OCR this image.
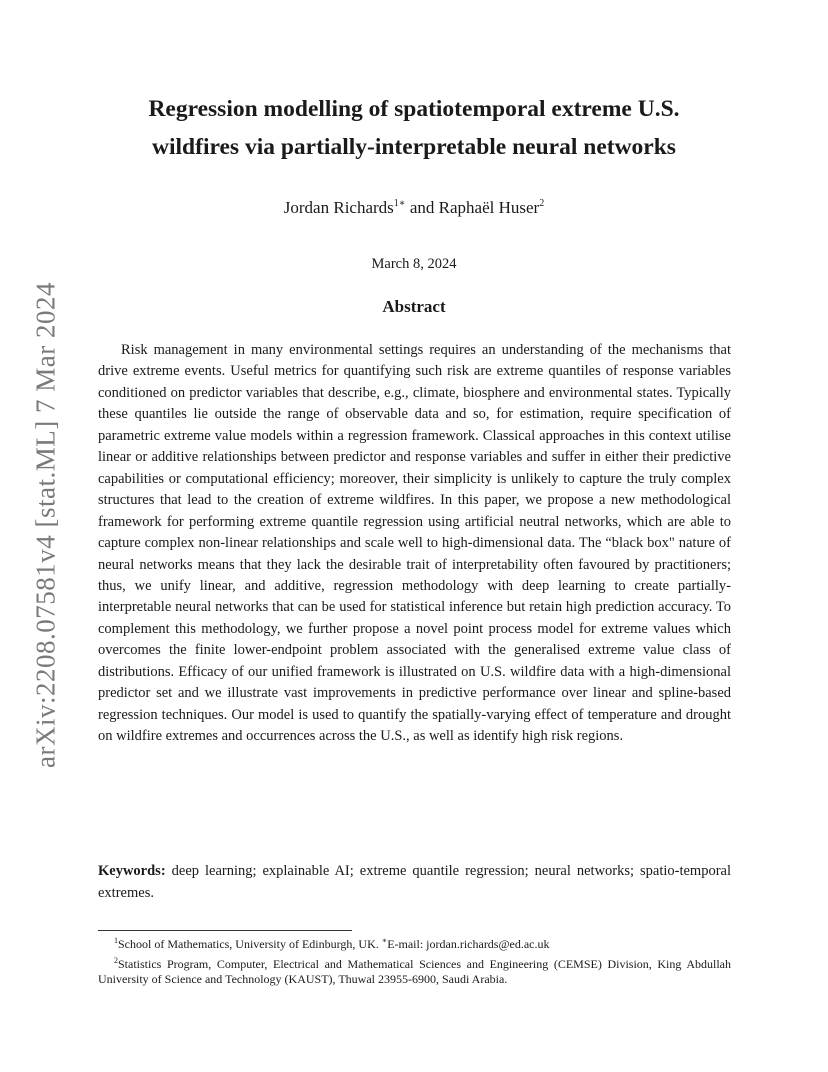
arXiv:2208.07581v4 [stat.ML] 7 Mar 2024
Regression modelling of spatiotemporal extreme U.S.
wildfires via partially-interpretable neural networks
Jordan Richards$^{1∗}$ and Raphaël Huser$^2$
March 8, 2024
Abstract
Risk management in many environmental settings requires an understanding of the mechanisms that drive extreme events. Useful metrics for quantifying such risk are extreme quantiles of response variables conditioned on predictor variables that describe, e.g., climate, biosphere and environmental states. Typically these quantiles lie outside the range of observable data and so, for estimation, require specification of parametric extreme value models within a regression framework. Classical approaches in this context utilise linear or additive relationships between predictor and response variables and suffer in either their predictive capabilities or computational efficiency; moreover, their simplicity is unlikely to capture the truly complex structures that lead to the creation of extreme wildfires. In this paper, we propose a new methodological framework for performing extreme quantile regression using artificial neutral networks, which are able to capture complex non-linear relationships and scale well to high-dimensional data. The “black box" nature of neural networks means that they lack the desirable trait of interpretability often favoured by practitioners; thus, we unify linear, and additive, regression methodology with deep learning to create partially-interpretable neural networks that can be used for statistical inference but retain high prediction accuracy. To complement this methodology, we further propose a novel point process model for extreme values which overcomes the finite lower-endpoint problem associated with the generalised extreme value class of distributions. Efficacy of our unified framework is illustrated on U.S. wildfire data with a high-dimensional predictor set and we illustrate vast improvements in predictive performance over linear and spline-based regression techniques. Our model is used to quantify the spatially-varying effect of temperature and drought on wildfire extremes and occurrences across the U.S., as well as identify high risk regions.
Keywords: deep learning; explainable AI; extreme quantile regression; neural networks; spatio-temporal extremes.
$^1$School of Mathematics, University of Edinburgh, UK. ∗E-mail: jordan.richards@ed.ac.uk
$^2$Statistics Program, Computer, Electrical and Mathematical Sciences and Engineering (CEMSE) Division, King Abdullah University of Science and Technology (KAUST), Thuwal 23955-6900, Saudi Arabia.
